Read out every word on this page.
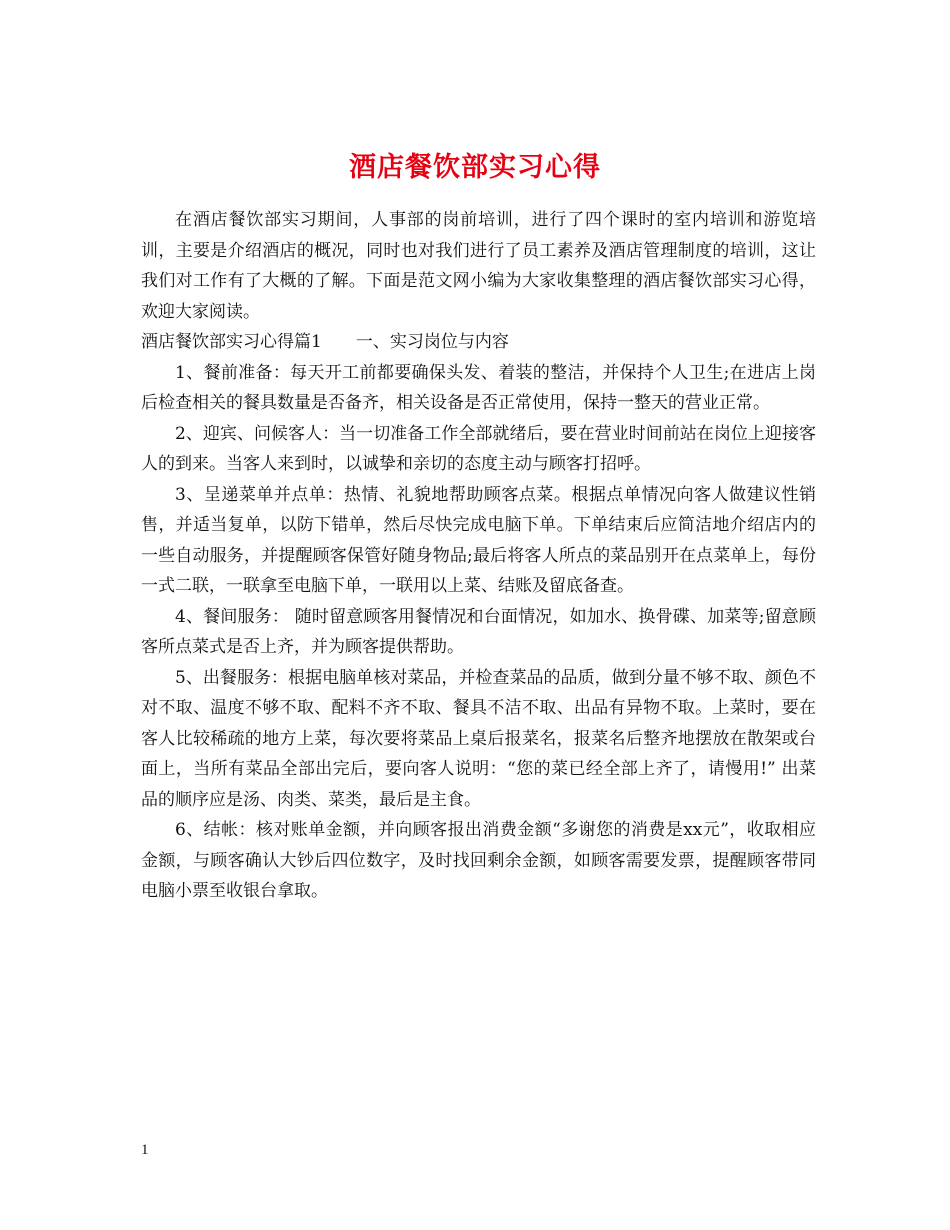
酒店餐饮部实习心得

在酒店餐饮部实习期间，人事部的岗前培训，进行了四个课时的室内培训和游览培训，主要是介绍酒店的概况，同时也对我们进行了员工素养及酒店管理制度的培训，这让我们对工作有了大概的了解。下面是范文网小编为大家收集整理的酒店餐饮部实习心得，欢迎大家阅读。

酒店餐饮部实习心得篇1 一、实习岗位与内容

1、餐前准备：每天开工前都要确保头发、着装的整洁，并保持个人卫生;在进店上岗后检查相关的餐具数量是否备齐，相关设备是否正常使用，保持一整天的营业正常。

2、迎宾、问候客人：当一切准备工作全部就绪后，要在营业时间前站在岗位上迎接客人的到来。当客人来到时，以诚挚和亲切的态度主动与顾客打招呼。

3、呈递菜单并点单：热情、礼貌地帮助顾客点菜。根据点单情况向客人做建议性销售，并适当复单，以防下错单，然后尽快完成电脑下单。下单结束后应简洁地介绍店内的一些自动服务，并提醒顾客保管好随身物品;最后将客人所点的菜品别开在点菜单上，每份一式二联，一联拿至电脑下单，一联用以上菜、结账及留底备查。

4、餐间服务： 随时留意顾客用餐情况和台面情况，如加水、换骨碟、加菜等;留意顾客所点菜式是否上齐，并为顾客提供帮助。

5、出餐服务：根据电脑单核对菜品，并检查菜品的品质，做到分量不够不取、颜色不对不取、温度不够不取、配料不齐不取、餐具不洁不取、出品有异物不取。上菜时，要在客人比较稀疏的地方上菜，每次要将菜品上桌后报菜名，报菜名后整齐地摆放在散架或台面上，当所有菜品全部出完后，要向客人说明：“您的菜已经全部上齐了，请慢用!” 出菜品的顺序应是汤、肉类、菜类，最后是主食。

6、结帐：核对账单金额，并向顾客报出消费金额“多谢您的消费是xx元”，收取相应金额，与顾客确认大钞后四位数字，及时找回剩余金额，如顾客需要发票，提醒顾客带同电脑小票至收银台拿取。

1
